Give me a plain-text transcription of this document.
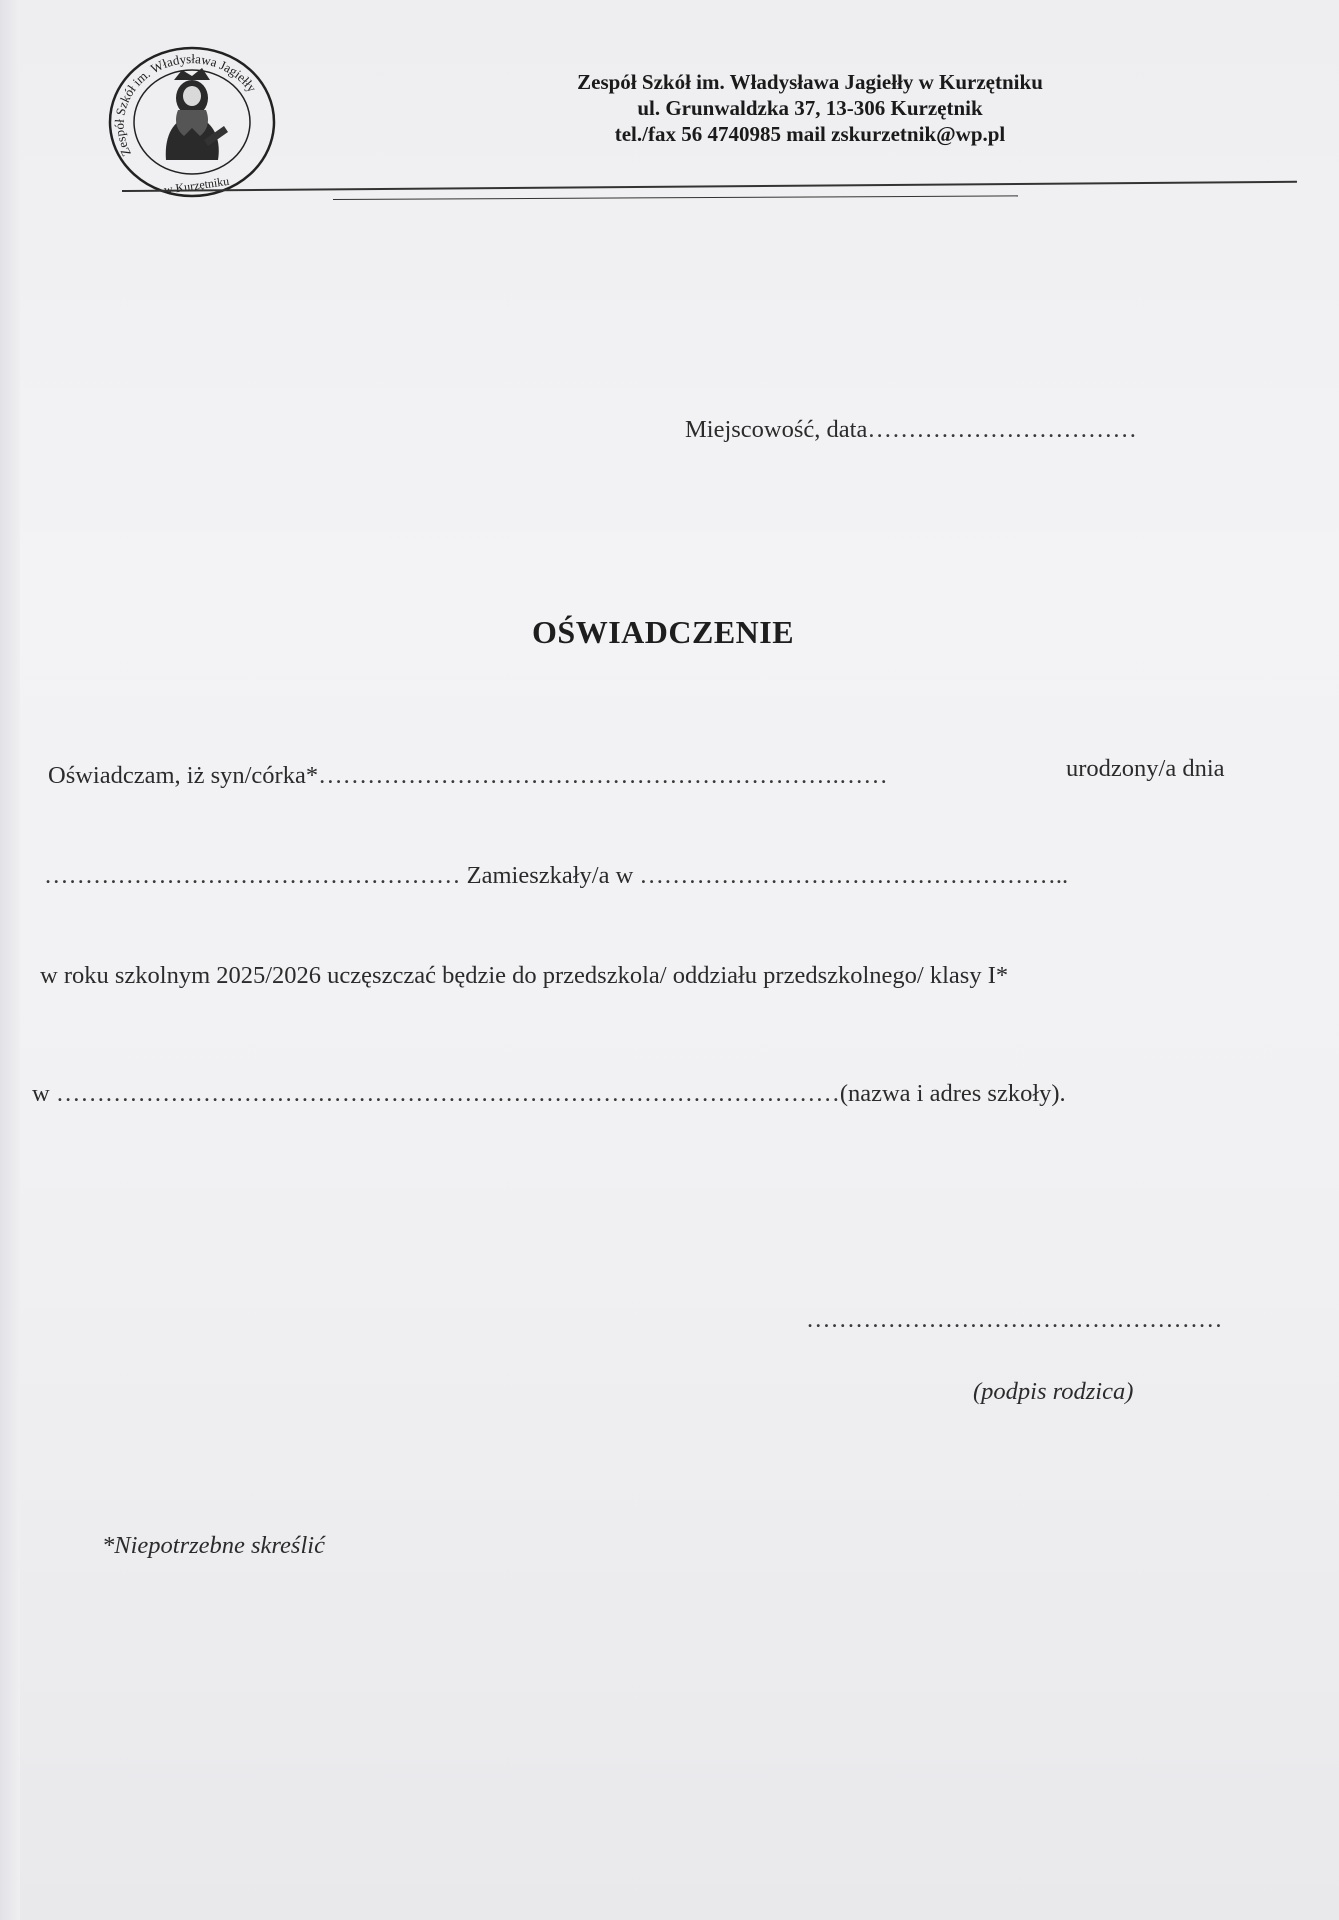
Zespół Szkół im. Władysława Jagiełły
w Kurzętniku
Zespół Szkół im. Władysława Jagiełły w Kurzętniku
ul. Grunwaldzka 37, 13-306 Kurzętnik
tel./fax 56 4740985 mail zskurzetnik@wp.pl
Miejscowość, data……………………………
OŚWIADCZENIE
Oświadczam, iż syn/córka*……………………………………………………….……	urodzony/a dnia
…………………………………………… Zamieszkały/a w ……………………………………………..
w roku szkolnym 2025/2026 uczęszczać będzie do przedszkola/ oddziału przedszkolnego/ klasy I*
w ……………………………………………………………………………………(nazwa i adres szkoły).
……………………………………………
(podpis rodzica)
*Niepotrzebne skreślić
